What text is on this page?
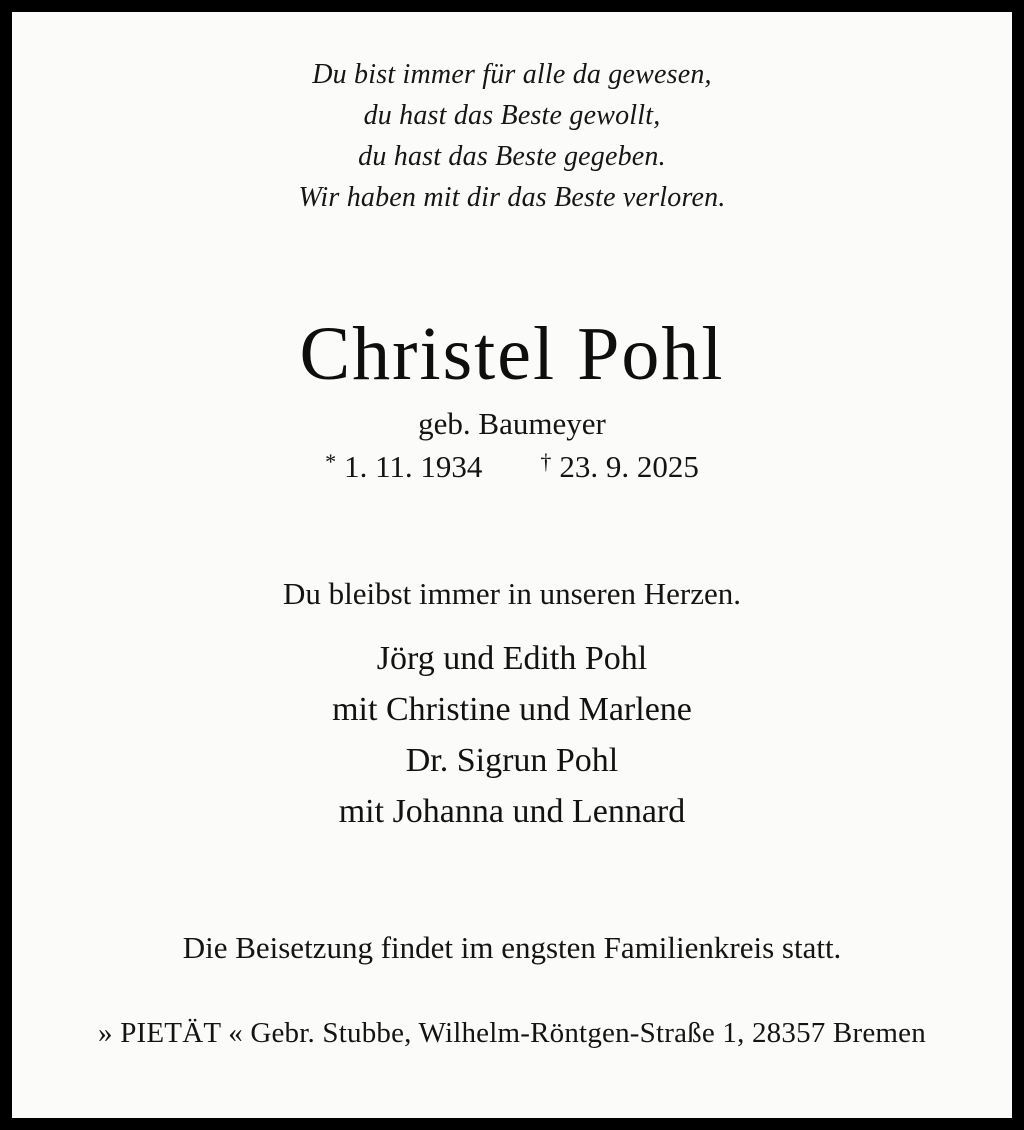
Du bist immer für alle da gewesen,
du hast das Beste gewollt,
du hast das Beste gegeben.
Wir haben mit dir das Beste verloren.
Christel Pohl
geb. Baumeyer
* 1. 11. 1934	† 23. 9. 2025
Du bleibst immer in unseren Herzen.
Jörg und Edith Pohl
mit Christine und Marlene
Dr. Sigrun Pohl
mit Johanna und Lennard
Die Beisetzung findet im engsten Familienkreis statt.
» PIETÄT « Gebr. Stubbe, Wilhelm-Röntgen-Straße 1, 28357 Bremen
